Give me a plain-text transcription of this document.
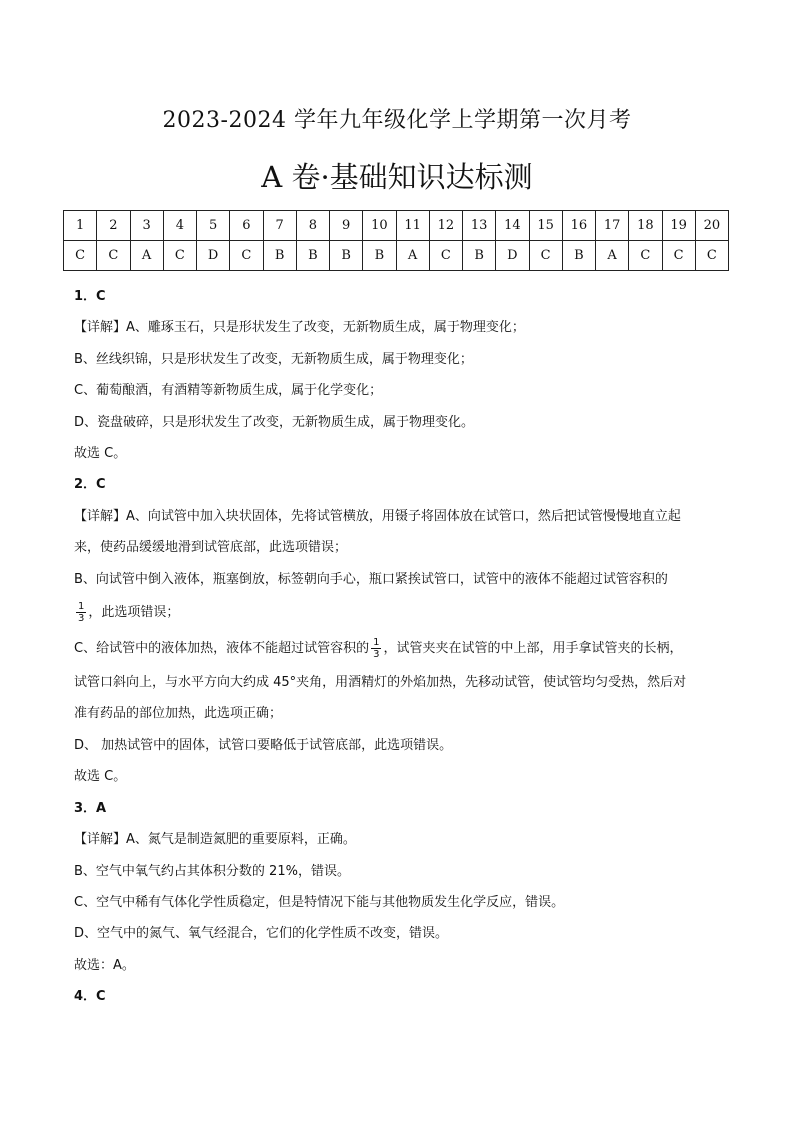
2023-2024 学年九年级化学上学期第一次月考
A 卷·基础知识达标测
1	2	3	4	5	6	7	8	9	10	11	12	13	14	15	16	17	18	19	20
C	C	A	C	D	C	B	B	B	B	A	C	B	D	C	B	A	C	C	C

1．C

【详解】A、雕琢玉石，只是形状发生了改变，无新物质生成，属于物理变化；

B、丝线织锦，只是形状发生了改变，无新物质生成，属于物理变化；

C、葡萄酿酒，有酒精等新物质生成，属于化学变化；

D、瓷盘破碎，只是形状发生了改变，无新物质生成，属于物理变化。

故选 C。

2．C

【详解】A、向试管中加入块状固体，先将试管横放，用镊子将固体放在试管口，然后把试管慢慢地直立起

来，使药品缓缓地滑到试管底部，此选项错误；

B、向试管中倒入液体，瓶塞倒放，标签朝向手心，瓶口紧挨试管口，试管中的液体不能超过试管容积的

$\frac{1}{3}$ ，此选项错误；

C、给试管中的液体加热，液体不能超过试管容积的 $\frac{1}{3}$ ，试管夹夹在试管的中上部，用手拿试管夹的长柄，

试管口斜向上，与水平方向大约成 45°夹角，用酒精灯的外焰加热，先移动试管，使试管均匀受热，然后对

准有药品的部位加热，此选项正确；

D、 加热试管中的固体，试管口要略低于试管底部，此选项错误。

故选 C。

3．A

【详解】A、氮气是制造氮肥的重要原料，正确。

B、空气中氧气约占其体积分数的 21%，错误。

C、空气中稀有气体化学性质稳定，但是特情况下能与其他物质发生化学反应，错误。

D、空气中的氮气、氧气经混合，它们的化学性质不改变，错误。

故选：A。

4．C
